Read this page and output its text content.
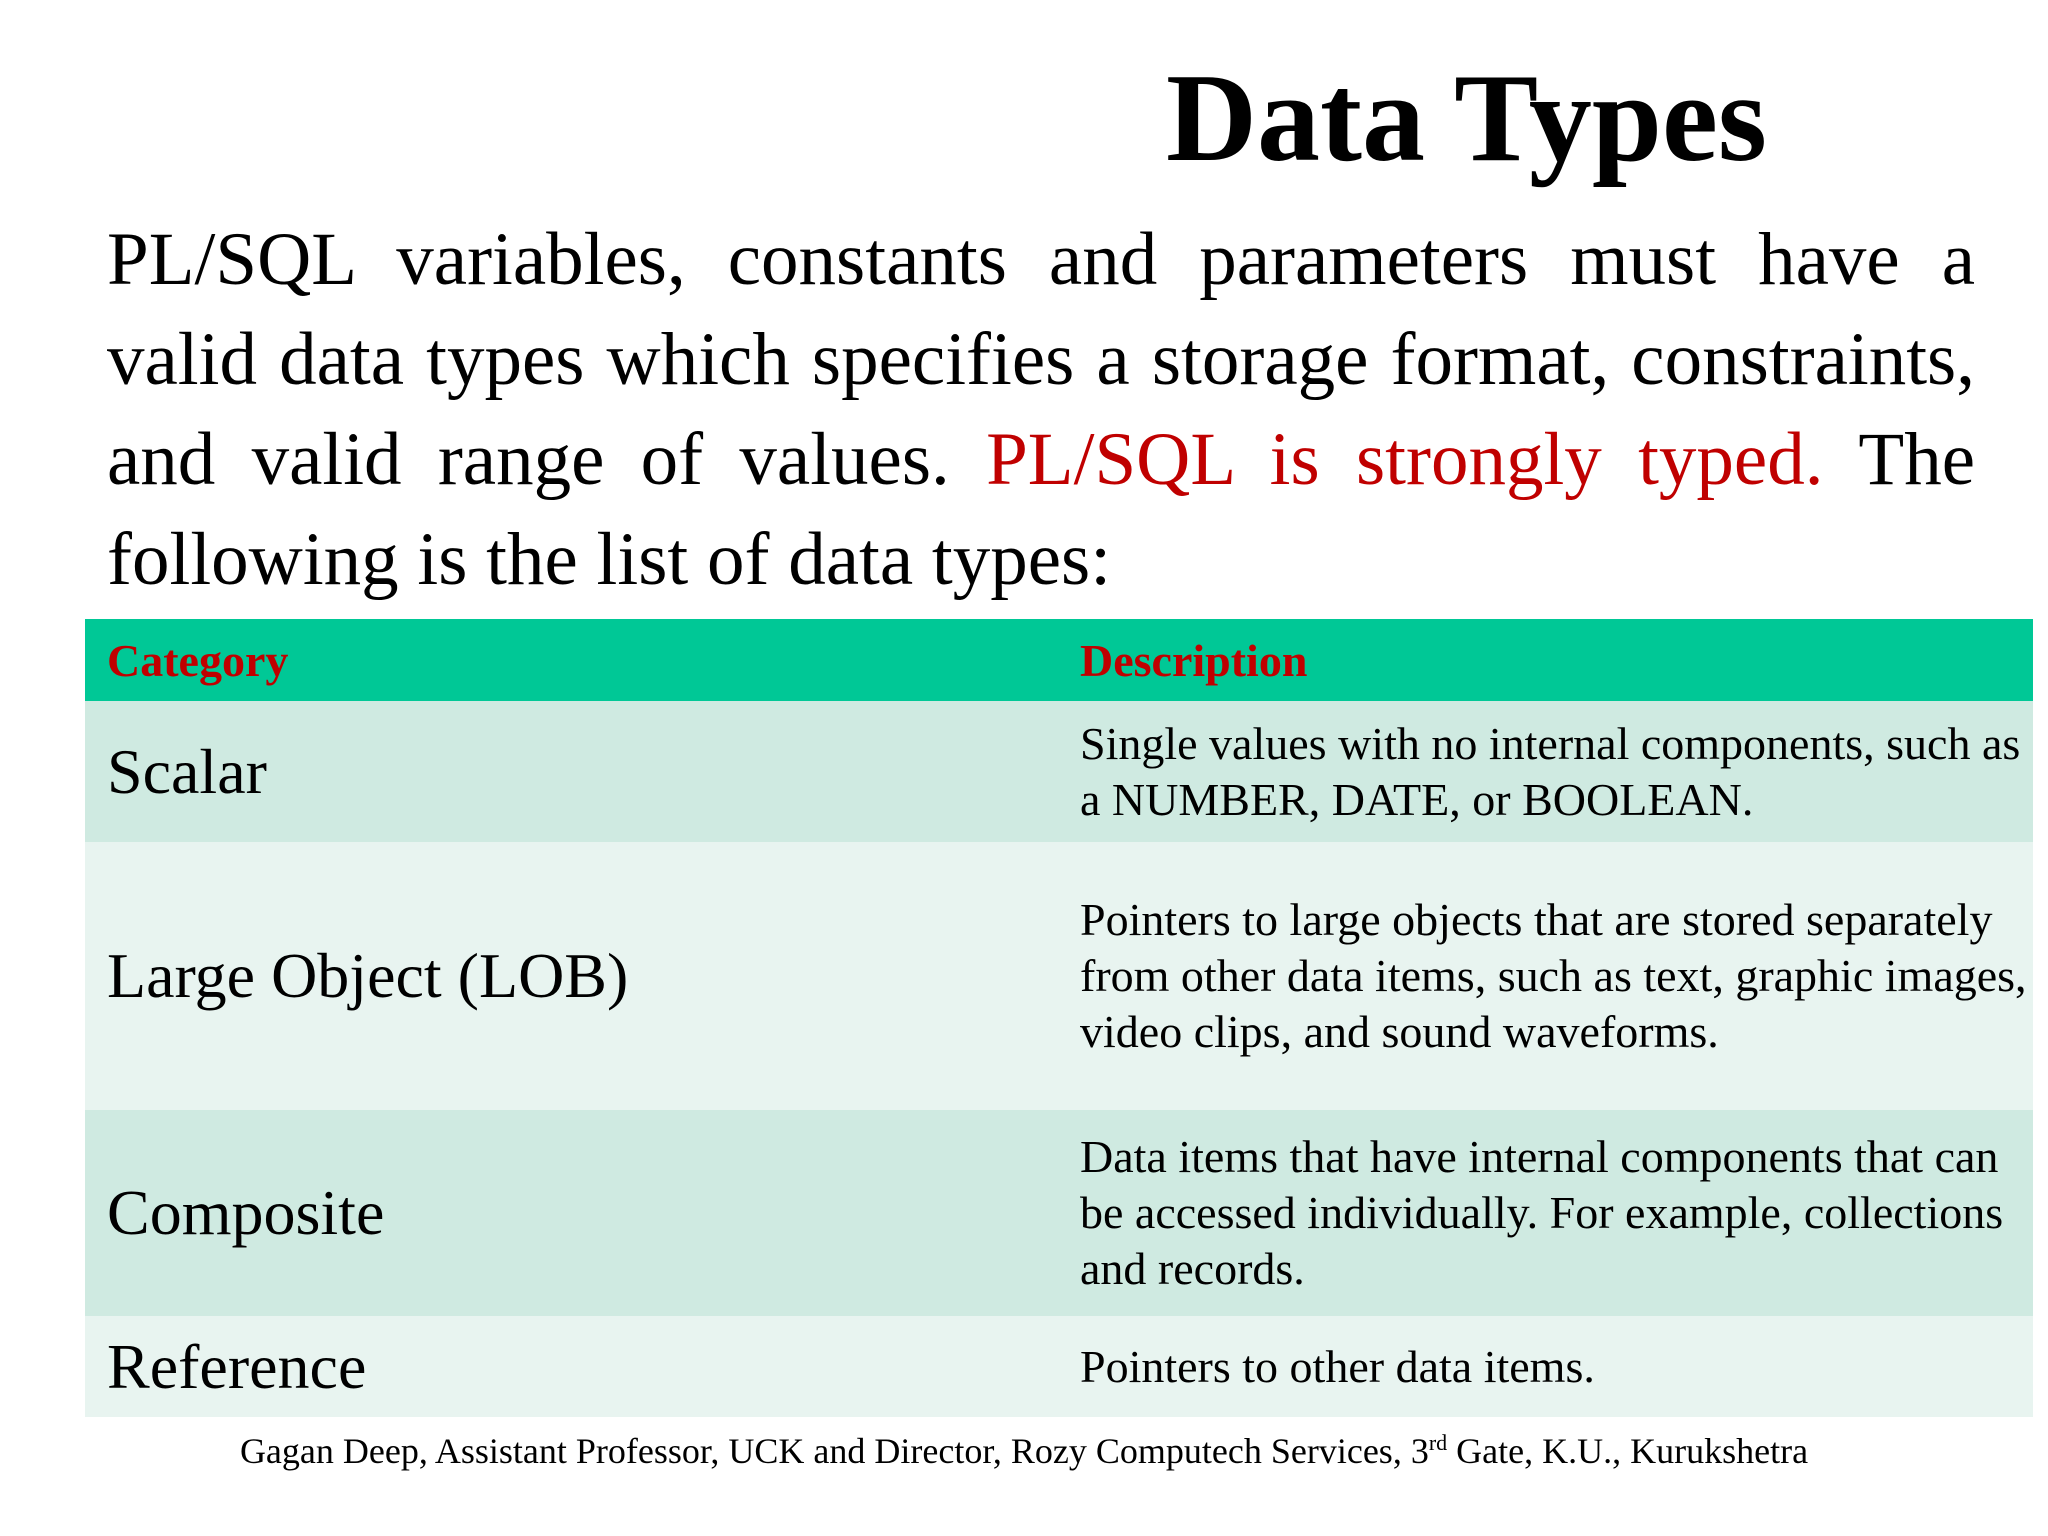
Data Types

PL/SQL variables, constants and parameters must have a valid data types which specifies a storage format, constraints, and valid range of values. PL/SQL is strongly typed. The following is the list of data types:

Category	Description
Scalar	Single values with no internal components, such as a NUMBER, DATE, or BOOLEAN.
Large Object (LOB)	Pointers to large objects that are stored separately from other data items, such as text, graphic images, video clips, and sound waveforms.
Composite	Data items that have internal components that can be accessed individually. For example, collections and records.
Reference	Pointers to other data items.
Gagan Deep, Assistant Professor, UCK and Director, Rozy Computech Services, 3rd Gate, K.U., Kurukshetra
